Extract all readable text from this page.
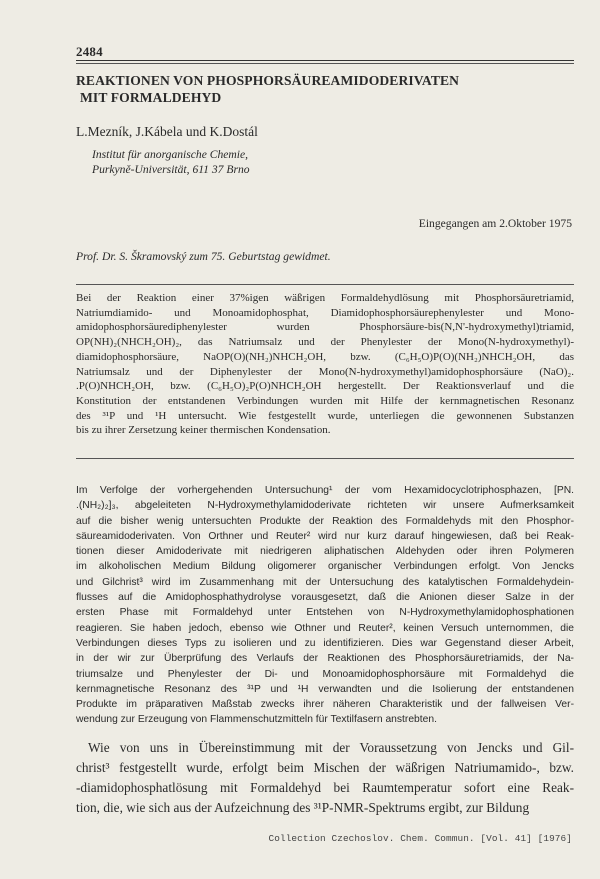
2484
REAKTIONEN VON PHOSPHORSÄUREAMIDODERIVATEN
MIT FORMALDEHYD
L.Mezník, J.Kábela und K.Dostál
Institut für anorganische Chemie,
Purkyně-Universität, 611 37 Brno
Eingegangen am 2.Oktober 1975
Prof. Dr. S. Škramovský zum 75. Geburtstag gewidmet.
Bei der Reaktion einer 37%igen wäßrigen Formaldehydlösung mit Phosphorsäuretriamid,
Natriumdiamido- und Monoamidophosphat, Diamidophosphorsäurephenylester und Mono-
amidophosphorsäurediphenylester wurden Phosphorsäure-bis(N,N'-hydroxymethyl)triamid,
OP(NH)₂(NHCH₂OH)₂, das Natriumsalz und der Phenylester der Mono(N-hydroxymethyl)-
diamidophosphorsäure, NaOP(O)(NH₂)NHCH₂OH, bzw. (C₆H₅O)P(O)(NH₂)NHCH₂OH, das
Natriumsalz und der Diphenylester der Mono(N-hydroxymethyl)amidophosphorsäure (NaO)₂.
.P(O)NHCH₂OH, bzw. (C₆H₅O)₂P(O)NHCH₂OH hergestellt. Der Reaktionsverlauf und die
Konstitution der entstandenen Verbindungen wurden mit Hilfe der kernmagnetischen Resonanz
des ³¹P und ¹H untersucht. Wie festgestellt wurde, unterliegen die gewonnenen Substanzen
bis zu ihrer Zersetzung keiner thermischen Kondensation.
Im Verfolge der vorhergehenden Untersuchung¹ der vom Hexamidocyclotriphosphazen, [PN.
.(NH₂)₂]₃, abgeleiteten N-Hydroxymethylamidoderivate richteten wir unsere Aufmerksamkeit
auf die bisher wenig untersuchten Produkte der Reaktion des Formaldehyds mit den Phosphor-
säureamidoderivaten. Von Orthner und Reuter² wird nur kurz darauf hingewiesen, daß bei Reak-
tionen dieser Amidoderivate mit niedrigeren aliphatischen Aldehyden oder ihren Polymeren
im alkoholischen Medium Bildung oligomerer organischer Verbindungen erfolgt. Von Jencks
und Gilchrist³ wird im Zusammenhang mit der Untersuchung des katalytischen Formaldehydein-
flusses auf die Amidophosphathydrolyse vorausgesetzt, daß die Anionen dieser Salze in der
ersten Phase mit Formaldehyd unter Entstehen von N-Hydroxymethylamidophosphationen
reagieren. Sie haben jedoch, ebenso wie Othner und Reuter², keinen Versuch unternommen, die
Verbindungen dieses Typs zu isolieren und zu identifizieren. Dies war Gegenstand dieser Arbeit,
in der wir zur Überprüfung des Verlaufs der Reaktionen des Phosphorsäuretriamids, der Na-
triumsalze und Phenylester der Di- und Monoamidophosphorsäure mit Formaldehyd die
kernmagnetische Resonanz des ³¹P und ¹H verwandten und die Isolierung der entstandenen
Produkte im präparativen Maßstab zwecks ihrer näheren Charakteristik und der fallweisen Ver-
wendung zur Erzeugung von Flammenschutzmitteln für Textilfasern anstrebten.
Wie von uns in Übereinstimmung mit der Voraussetzung von Jencks und Gil-
christ³ festgestellt wurde, erfolgt beim Mischen der wäßrigen Natriumamido-, bzw.
-diamidophosphatlösung mit Formaldehyd bei Raumtemperatur sofort eine Reak-
tion, die, wie sich aus der Aufzeichnung des ³¹P-NMR-Spektrums ergibt, zur Bildung
Collection Czechoslov. Chem. Commun. [Vol. 41] [1976]
